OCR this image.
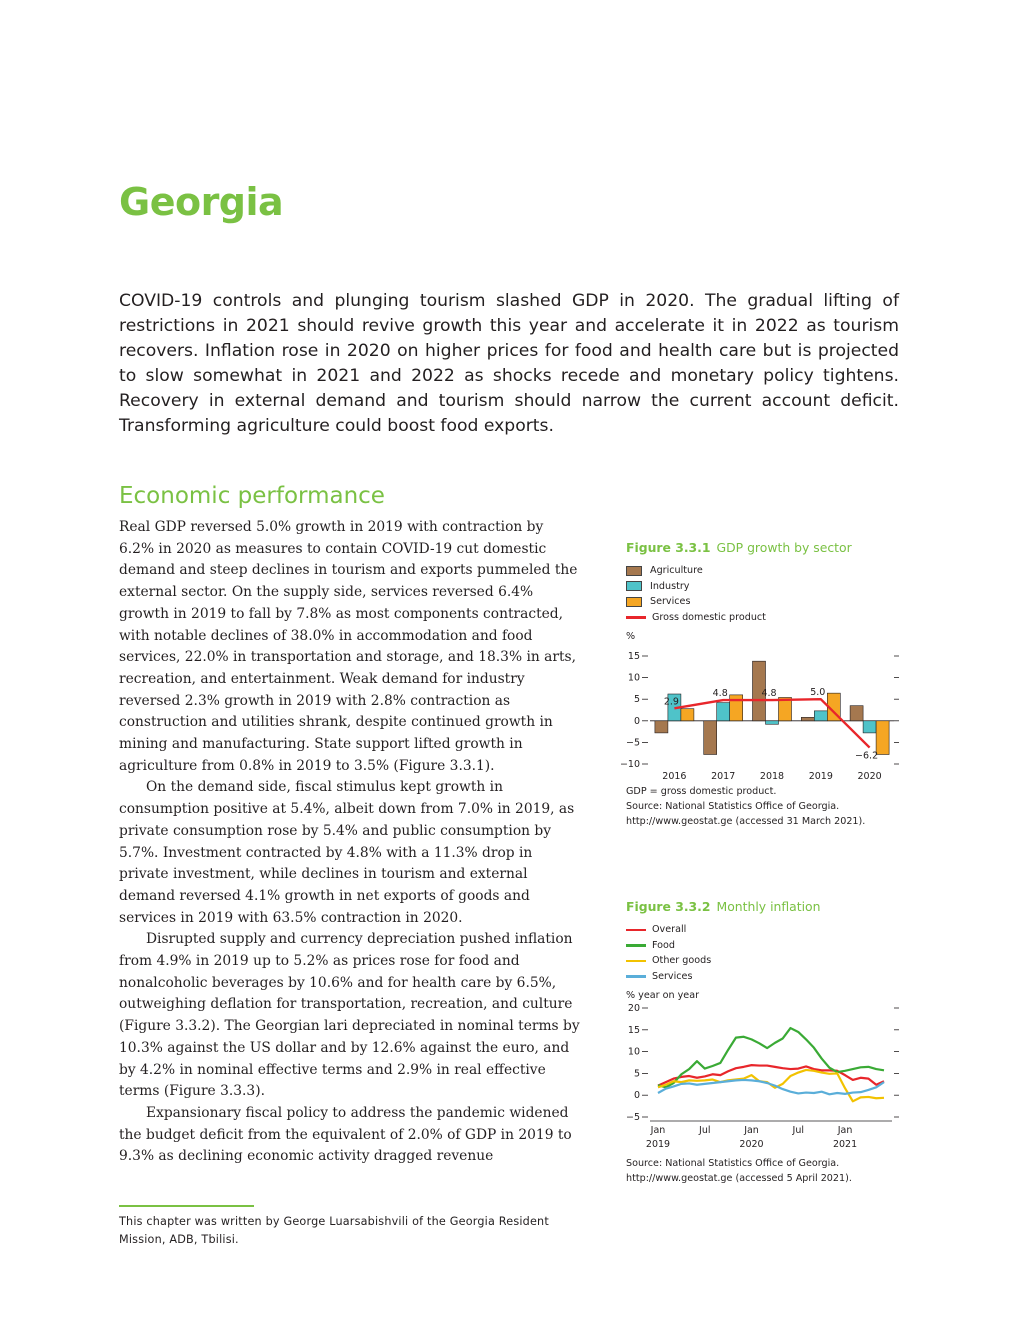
Georgia

COVID-19 controls and plunging tourism slashed GDP in 2020. The gradual lifting of restrictions in 2021 should revive growth this year and accelerate it in 2022 as tourism recovers. Inflation rose in 2020 on higher prices for food and health care but is projected to slow somewhat in 2021 and 2022 as shocks recede and monetary policy tightens. Recovery in external demand and tourism should narrow the current account deficit. Transforming agriculture could boost food exports.

Economic performance

Real GDP reversed 5.0% growth in 2019 with contraction by 6.2% in 2020 as measures to contain COVID-19 cut domestic demand and steep declines in tourism and exports pummeled the external sector. On the supply side, services reversed 6.4% growth in 2019 to fall by 7.8% as most components contracted, with notable declines of 38.0% in accommodation and food services, 22.0% in transportation and storage, and 18.3% in arts, recreation, and entertainment. Weak demand for industry reversed 2.3% growth in 2019 with 2.8% contraction as construction and utilities shrank, despite continued growth in mining and manufacturing. State support lifted growth in agriculture from 0.8% in 2019 to 3.5% (Figure 3.3.1).

On the demand side, fiscal stimulus kept growth in consumption positive at 5.4%, albeit down from 7.0% in 2019, as private consumption rose by 5.4% and public consumption by 5.7%. Investment contracted by 4.8% with a 11.3% drop in private investment, while declines in tourism and external demand reversed 4.1% growth in net exports of goods and services in 2019 with 63.5% contraction in 2020.

Disrupted supply and currency depreciation pushed inflation from 4.9% in 2019 up to 5.2% as prices rose for food and nonalcoholic beverages by 10.6% and for health care by 6.5%, outweighing deflation for transportation, recreation, and culture (Figure 3.3.2). The Georgian lari depreciated in nominal terms by 10.3% against the US dollar and by 12.6% against the euro, and by 4.2% in nominal effective terms and 2.9% in real effective terms (Figure 3.3.3).

Expansionary fiscal policy to address the pandemic widened the budget deficit from the equivalent of 2.0% of GDP in 2019 to 9.3% as declining economic activity dragged revenue

This chapter was written by George Luarsabishvili of the Georgia Resident Mission, ADB, Tbilisi.
Figure 3.3.1 GDP growth by sector
Agriculture
Industry
Services
Gross domestic product
%
15
10
5
0
−5
−10
2016	2017	2018	2019	2020
2.9
4.8	4.8	5.0
−6.2
GDP = gross domestic product.
Source: National Statistics Office of Georgia.
http://www.geostat.ge (accessed 31 March 2021).
Figure 3.3.2 Monthly inflation
Overall
Food
Other goods
Services
% year on year
20
15
10
5
0
−5
Jan
2019
Jul	Jan
2020
Jul	Jan
2021
Source: National Statistics Office of Georgia.
http://www.geostat.ge (accessed 5 April 2021).
